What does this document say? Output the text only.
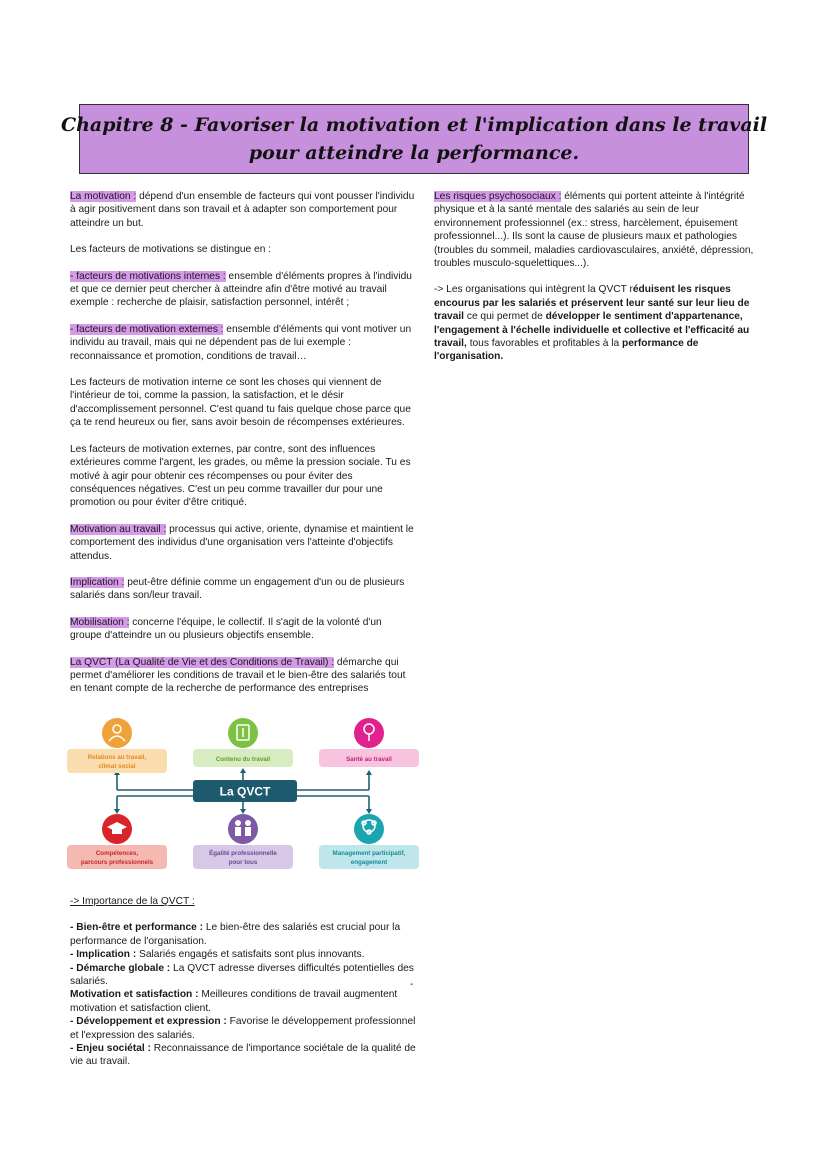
Chapitre 8 - Favoriser la motivation et l'implication dans le travail
pour atteindre la performance.

La motivation : dépend d'un ensemble de facteurs qui vont pousser l'individu à agir positivement dans son travail et à adapter son comportement pour atteindre un but.

Les facteurs de motivations se distingue en :

- facteurs de motivations internes : ensemble d'éléments propres à l'individu et que ce dernier peut chercher à atteindre afin d'être motivé au travail exemple : recherche de plaisir, satisfaction personnel, intérêt ;

- facteurs de motivation externes : ensemble d'éléments qui vont motiver un individu au travail, mais qui ne dépendent pas de lui exemple : reconnaissance et promotion, conditions de travail…

Les facteurs de motivation interne ce sont les choses qui viennent de l'intérieur de toi, comme la passion, la satisfaction, et le désir d'accomplissement personnel. C'est quand tu fais quelque chose parce que ça te rend heureux ou fier, sans avoir besoin de récompenses extérieures.

Les facteurs de motivation externes, par contre, sont des influences extérieures comme l'argent, les grades, ou même la pression sociale. Tu es motivé à agir pour obtenir ces récompenses ou pour éviter des conséquences négatives. C'est un peu comme travailler dur pour une promotion ou pour éviter d'être critiqué.

Motivation au travail : processus qui active, oriente, dynamise et maintient le comportement des individus d'une organisation vers l'atteinte d'objectifs attendus.

Implication : peut-être définie comme un engagement d'un ou de plusieurs salariés dans son/leur travail.

Mobilisation : concerne l'équipe, le collectif. Il s'agit de la volonté d'un groupe d'atteindre un ou plusieurs objectifs ensemble.

La QVCT (La Qualité de Vie et des Conditions de Travail) : démarche qui permet d'améliorer les conditions de travail et le bien-être des salariés tout en tenant compte de la recherche de performance des entreprises

La QVCT
Relations au travail,
climat social
Contenu du travail	Santé au travail
Compétences,
parcours professionnels
Égalité professionnelle
pour tous
Management participatif,
engagement

-> Importance de la QVCT :

- Bien-être et performance : Le bien-être des salariés est crucial pour la performance de l'organisation.

- Implication : Salariés engagés et satisfaits sont plus innovants.

- Démarche globale : La QVCT adresse diverses difficultés potentielles des salariés.

Motivation et satisfaction : Meilleures conditions de travail augmentent motivation et satisfaction client.

- Développement et expression : Favorise le développement professionnel et l'expression des salariés.

- Enjeu sociétal : Reconnaissance de l'importance sociétale de la qualité de vie au travail.

-

Les risques psychosociaux : éléments qui portent atteinte à l'intégrité physique et à la santé mentale des salariés au sein de leur environnement professionnel (ex.: stress, harcèlement, épuisement professionnel...). Ils sont la cause de plusieurs maux et pathologies (troubles du sommeil, maladies cardiovasculaires, anxiété, dépression, troubles musculo-squelettiques...).

-> Les organisations qui intègrent la QVCT réduisent les risques encourus par les salariés et préservent leur santé sur leur lieu de travail ce qui permet de développer le sentiment d'appartenance, l'engagement à l'échelle individuelle et collective et l'efficacité au travail, tous favorables et profitables à la performance de l'organisation.
